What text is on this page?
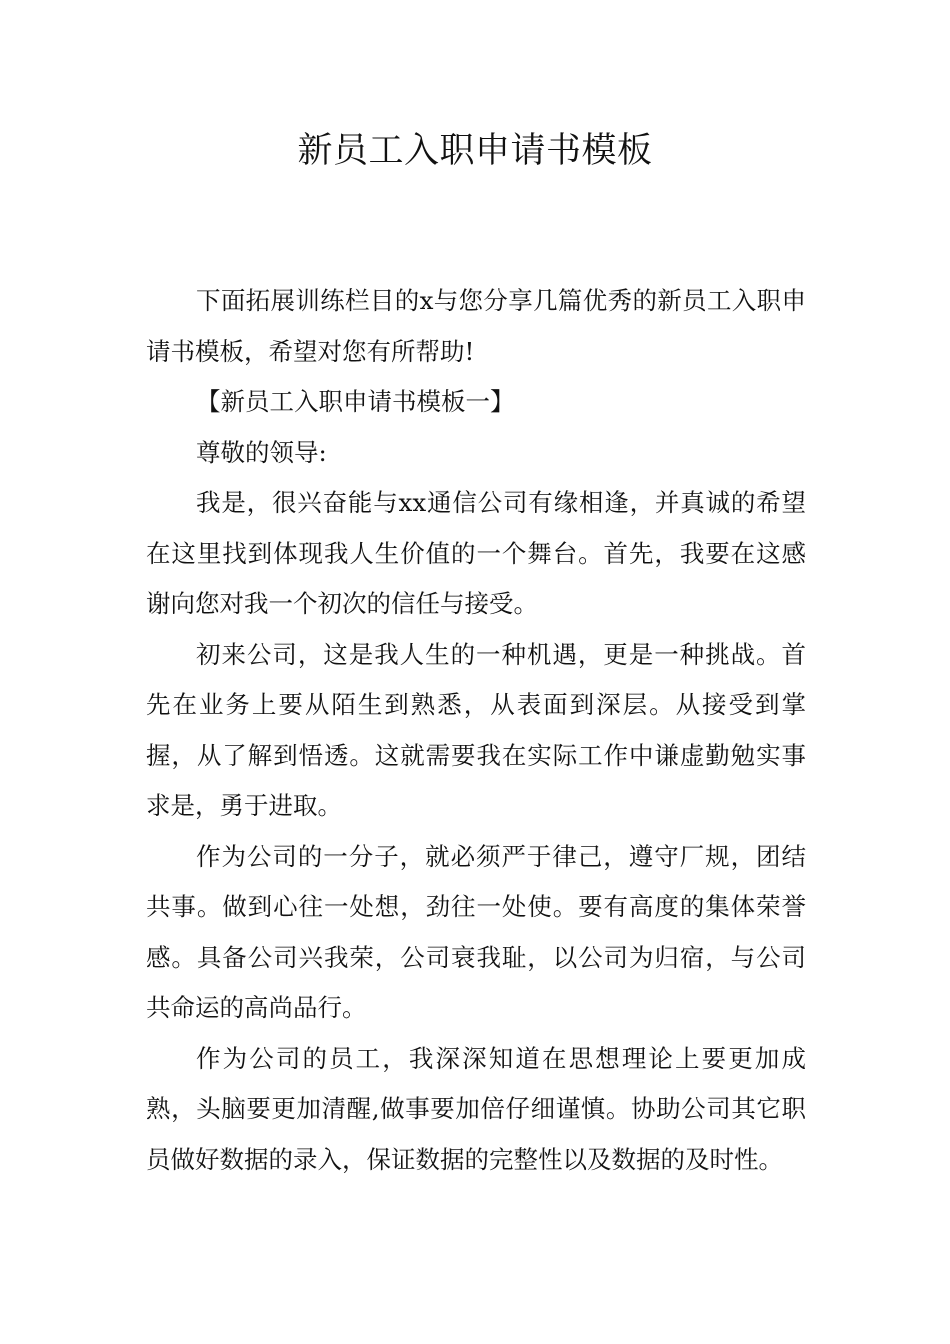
新员工入职申请书模板

下面拓展训练栏目的x与您分享几篇优秀的新员工入职申请书模板，希望对您有所帮助!

【新员工入职申请书模板一】

尊敬的领导:

我是，很兴奋能与xx通信公司有缘相逢，并真诚的希望在这里找到体现我人生价值的一个舞台。首先，我要在这感谢向您对我一个初次的信任与接受。

初来公司，这是我人生的一种机遇，更是一种挑战。首先在业务上要从陌生到熟悉，从表面到深层。从接受到掌握，从了解到悟透。这就需要我在实际工作中谦虚勤勉实事求是，勇于进取。

作为公司的一分子，就必须严于律己，遵守厂规，团结共事。做到心往一处想，劲往一处使。要有高度的集体荣誉感。具备公司兴我荣，公司衰我耻，以公司为归宿，与公司共命运的高尚品行。

作为公司的员工，我深深知道在思想理论上要更加成熟，头脑要更加清醒,做事要加倍仔细谨慎。协助公司其它职员做好数据的录入，保证数据的完整性以及数据的及时性。
